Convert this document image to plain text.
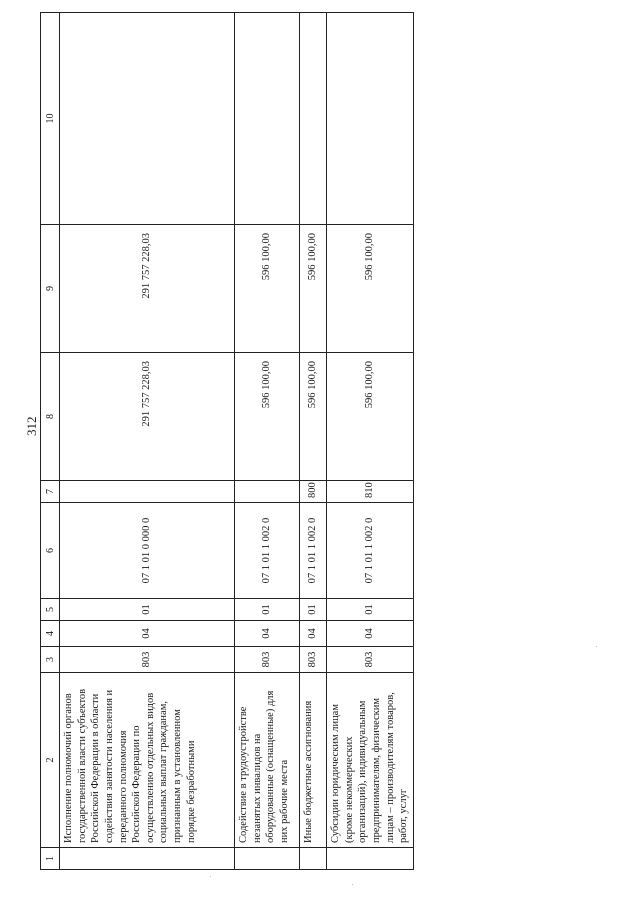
312
1	2	3	4	5	6	7	8	9	10
	Исполнение полномочий органов государственной власти субъектов Российской Федерации в области содействия занятости населения и переданного полномочия Российской Федерации по осуществлению отдельных видов социальных выплат гражданам, признанным в установленном порядке безработными	803	04	01	07 1 01 0 000 0		291 757 228,03	291 757 228,03	
	Содействие в трудоустройстве незанятых инвалидов на оборудованные (оснащенные) для них рабочие места	803	04	01	07 1 01 1 002 0		596 100,00	596 100,00	
	Иные бюджетные ассигнования	803	04	01	07 1 01 1 002 0	800	596 100,00	596 100,00	
	Субсидии юридическим лицам (кроме некоммерческих организаций), индивидуальным предпринимателям, физическим лицам – производителям товаров, работ, услуг	803	04	01	07 1 01 1 002 0	810	596 100,00	596 100,00	
